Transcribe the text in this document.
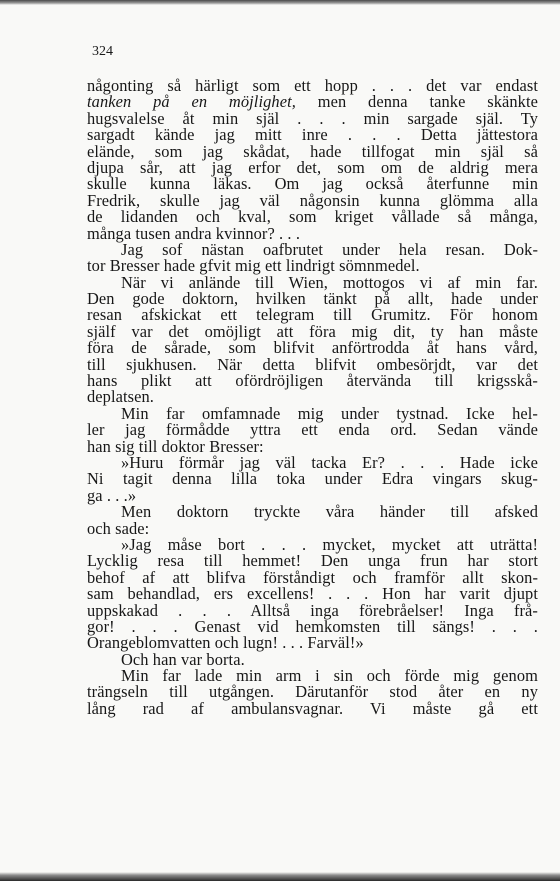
324
någonting så härligt som ett hopp . . . det var endast
tanken på en möjlighet, men denna tanke skänkte
hugsvalelse åt min själ . . . min sargade själ. Ty
sargadt kände jag mitt inre . . . Detta jättestora
elände, som jag skådat, hade tillfogat min själ så
djupa sår, att jag erfor det, som om de aldrig mera
skulle kunna läkas. Om jag också återfunne min
Fredrik, skulle jag väl någonsin kunna glömma alla
de lidanden och kval, som kriget vållade så många,
många tusen andra kvinnor? . . .
Jag sof nästan oafbrutet under hela resan. Dok-
tor Bresser hade gfvit mig ett lindrigt sömnmedel.
När vi anlände till Wien, mottogos vi af min far.
Den gode doktorn, hvilken tänkt på allt, hade under
resan afskickat ett telegram till Grumitz. För honom
själf var det omöjligt att föra mig dit, ty han måste
föra de sårade, som blifvit anförtrodda åt hans vård,
till sjukhusen. När detta blifvit ombesörjdt, var det
hans plikt att ofördröjligen återvända till krigsskå-
deplatsen.
Min far omfamnade mig under tystnad. Icke hel-
ler jag förmådde yttra ett enda ord. Sedan vände
han sig till doktor Bresser:
»Huru förmår jag väl tacka Er? . . . Hade icke
Ni tagit denna lilla toka under Edra vingars skug-
ga . . .»
Men doktorn tryckte våra händer till afsked
och sade:
»Jag måse bort . . . mycket, mycket att uträtta!
Lycklig resa till hemmet! Den unga frun har stort
behof af att blifva förståndigt och framför allt skon-
sam behandlad, ers excellens! . . . Hon har varit djupt
uppskakad . . . Alltså inga förebråelser! Inga frå-
gor! . . . Genast vid hemkomsten till sängs! . . .
Orangeblomvatten och lugn! . . . Farväl!»
Och han var borta.
Min far lade min arm i sin och förde mig genom
trängseln till utgången. Därutanför stod åter en ny
lång rad af ambulansvagnar. Vi måste gå ett
